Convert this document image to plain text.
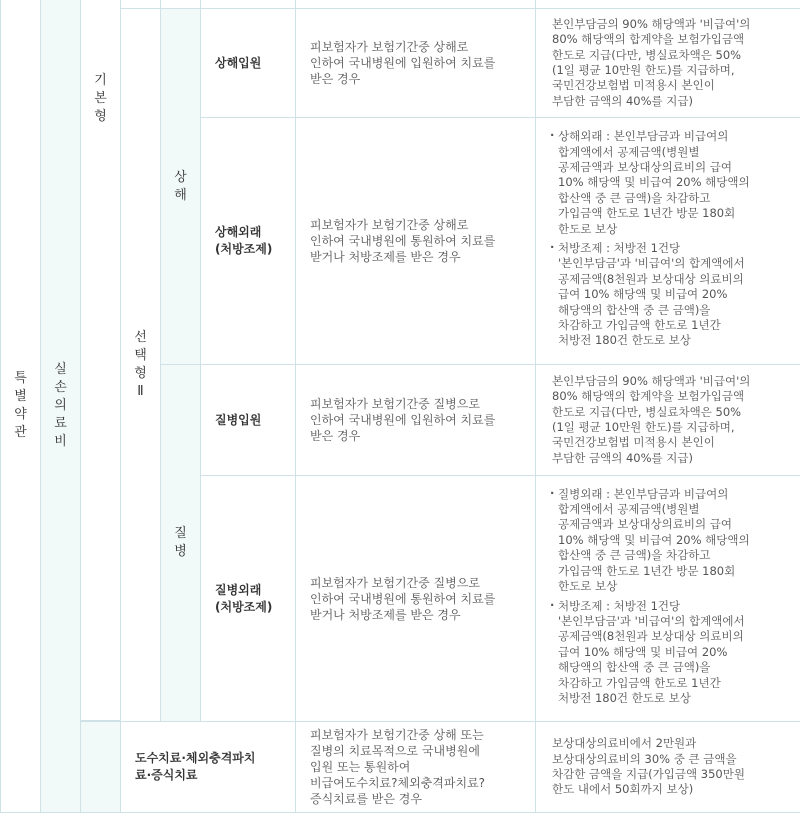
특별약관
실손의료비
기본형
선택형
Ⅱ
상해
질병
상해입원
피보험자가 보험기간중 상해로
인하여 국내병원에 입원하여 치료를
받은 경우
본인부담금의 90% 해당액과 '비급여'의
80% 해당액의 합계약을 보험가입금액
한도로 지급(다만, 병실료차액은 50%
(1일 평균 10만원 한도)를 지급하며,
국민건강보험법 미적용시 본인이
부담한 금액의 40%를 지급)
상해외래
(처방조제)
피보험자가 보험기간중 상해로
인하여 국내병원에 통원하여 치료를
받거나 처방조제를 받은 경우
· 상해외래 : 본인부담금과 비급여의
합계액에서 공제금액(병원별
공제금액과 보상대상의료비의 급여
10% 해당액 및 비급여 20% 해당액의
합산액 중 큰 금액)을 차감하고
가입금액 한도로 1년간 방문 180회
한도로 보상
· 처방조제 : 처방전 1건당
'본인부담금'과 '비급여'의 합계액에서
공제금액(8천원과 보상대상 의료비의
급여 10% 해당액 및 비급여 20%
해당액의 합산액 중 큰 금액)을
차감하고 가입금액 한도로 1년간
처방전 180건 한도로 보상
질병입원
피보험자가 보험기간중 질병으로
인하여 국내병원에 입원하여 치료를
받은 경우
본인부담금의 90% 해당액과 '비급여'의
80% 해당액의 합계약을 보험가입금액
한도로 지급(다만, 병실료차액은 50%
(1일 평균 10만원 한도)를 지급하며,
국민건강보험법 미적용시 본인이
부담한 금액의 40%를 지급)
질병외래
(처방조제)
피보험자가 보험기간중 질병으로
인하여 국내병원에 통원하여 치료를
받거나 처방조제를 받은 경우
· 질병외래 : 본인부담금과 비급여의
합계액에서 공제금액(병원별
공제금액과 보상대상의료비의 급여
10% 해당액 및 비급여 20% 해당액의
합산액 중 큰 금액)을 차감하고
가입금액 한도로 1년간 방문 180회
한도로 보상
· 처방조제 : 처방전 1건당
'본인부담금'과 '비급여'의 합계액에서
공제금액(8천원과 보상대상 의료비의
급여 10% 해당액 및 비급여 20%
해당액의 합산액 중 큰 금액)을
차감하고 가입금액 한도로 1년간
처방전 180건 한도로 보상
도수치료·체외충격파치
료·증식치료
피보험자가 보험기간중 상해 또는
질병의 치료목적으로 국내병원에
입원 또는 통원하여
비급여도수치료?체외충격파치료?
증식치료를 받은 경우
보상대상의료비에서 2만원과
보상대상의료비의 30% 중 큰 금액을
차감한 금액을 지급(가입금액 350만원
한도 내에서 50회까지 보상)
